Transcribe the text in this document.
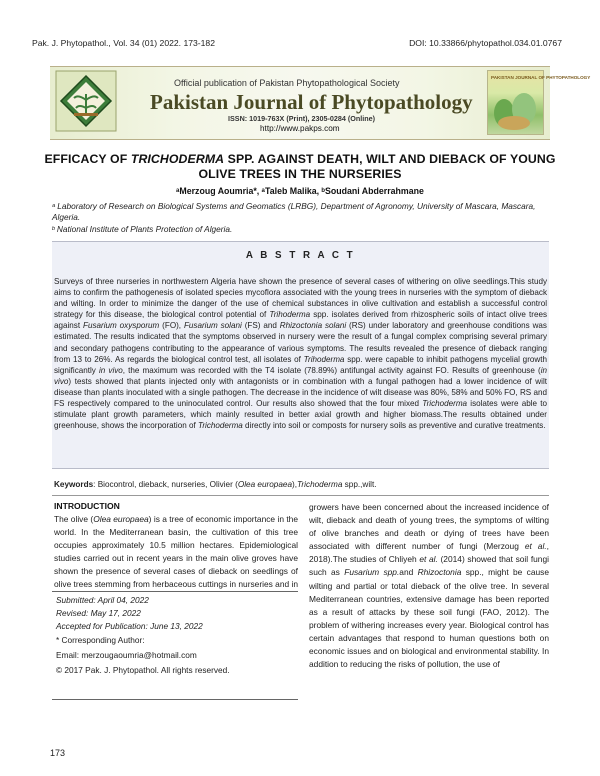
Pak. J. Phytopathol., Vol. 34 (01) 2022. 173-182	DOI: 10.33866/phytopathol.034.01.0767
Official publication of Pakistan Phytopathological Society
Pakistan Journal of Phytopathology
ISSN: 1019-763X (Print), 2305-0284 (Online)
http://www.pakps.com
PAKISTAN JOURNAL OF PHYTOPATHOLOGY
EFFICACY OF TRICHODERMA SPP. AGAINST DEATH, WILT AND DIEBACK OF YOUNG OLIVE TREES IN THE NURSERIES
ᵃMerzoug Aoumria*, ᵃTaleb Malika, ᵇSoudani Abderrahmane
ᵃ Laboratory of Research on Biological Systems and Geomatics (LRBG), Department of Agronomy, University of Mascara, Mascara, Algeria.
ᵇ National Institute of Plants Protection of Algeria.
A B S T R A C T

Surveys of three nurseries in northwestern Algeria have shown the presence of several cases of withering on olive seedlings.This study aims to confirm the pathogenesis of isolated species mycoflora associated with the young trees in nurseries with the symptom of dieback and wilting. In order to minimize the danger of the use of chemical substances in olive cultivation and establish a successful control strategy for this disease, the biological control potential of Trihoderma spp. isolates derived from rhizospheric soils of intact olive trees against Fusarium oxysporum (FO), Fusarium solani (FS) and Rhizoctonia solani (RS) under laboratory and greenhouse conditions was estimated. The results indicated that the symptoms observed in nursery were the result of a fungal complex comprising several primary and secondary pathogens contributing to the appearance of various symptoms. The results revealed the presence of dieback ranging from 13 to 26%. As regards the biological control test, all isolates of Trihoderma spp. were capable to inhibit pathogens mycelial growth significantly in vivo, the maximum was recorded with the T4 isolate (78.89%) antifungal activity against FO. Results of greenhouse (in vivo) tests showed that plants injected only with antagonists or in combination with a fungal pathogen had a lower incidence of wilt disease than plants inoculated with a single pathogen. The decrease in the incidence of wilt disease was 80%, 58% and 50% FO, RS and FS respectively compared to the uninoculated control. Our results also showed that the four mixed Trichoderma isolates were able to stimulate plant growth parameters, which mainly resulted in better axial growth and higher biomass.The results obtained under greenhouse, shows the incorporation of Trichoderma directly into soil or composts for nursery soils as preventive and curative treatments.

Keywords: Biocontrol, dieback, nurseries, Olivier (Olea europaea),Trichoderma spp.,wilt.
INTRODUCTION

The olive (Olea europaea) is a tree of economic importance in the world. In the Mediterranean basin, the cultivation of this tree occupies approximately 10.5 million hectares. Epidemiological studies carried out in recent years in the main olive groves have shown the presence of several cases of dieback on seedlings of olive trees stemming from herbaceous cuttings in nurseries and in

Submitted: April 04, 2022
Revised: May 17, 2022
Accepted for Publication: June 13, 2022
* Corresponding Author:
Email: merzougaoumria@hotmail.com
© 2017 Pak. J. Phytopathol. All rights reserved.

growers have been concerned about the increased incidence of wilt, dieback and death of young trees, the symptoms of wilting of olive branches and death or dying of trees have been associated with different number of fungi (Merzoug et al., 2018).The studies of Chliyeh et al. (2014) showed that soil fungi such as Fusarium spp.and Rhizoctonia spp., might be cause wilting and partial or total dieback of the olive tree. In several Mediterranean countries, extensive damage has been reported as a result of attacks by these soil fungi (FAO, 2012). The problem of withering increases every year. Biological control has certain advantages that respond to human questions both on economic issues and on biological and environmental stability. In addition to reducing the risks of pollution, the use of

173
